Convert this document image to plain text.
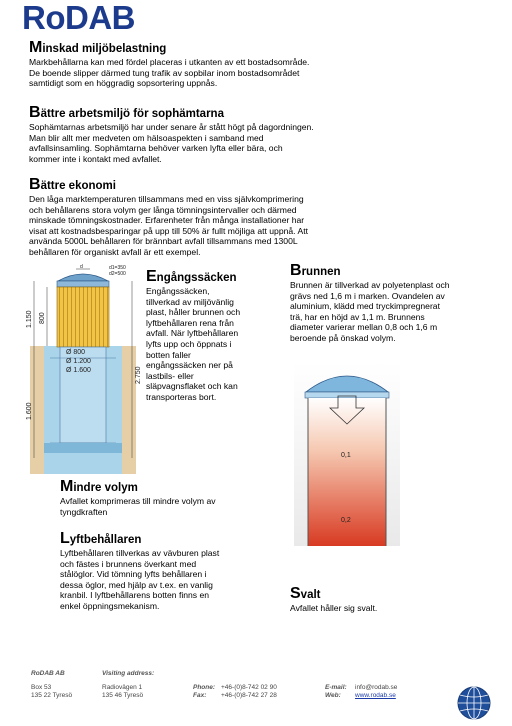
RoDAB
Minskad miljöbelastning
Markbehållarna kan med fördel placeras i utkanten av ett bostadsområde.
De boende slipper därmed tung trafik av sopbilar inom bostadsområdet
samtidigt som en höggradig sopsortering uppnås.
Bättre arbetsmiljö för sophämtarna
Sophämtarnas arbetsmiljö har under senare år stått högt på dagordningen.
Man blir allt mer medveten om hälsoaspekten i samband med
avfallsinsamling. Sophämtarna behöver varken lyfta eller bära, och
kommer inte i kontakt med avfallet.
Bättre ekonomi
Den låga marktemperaturen tillsammans med en viss självkomprimering
och behållarens stora volym ger långa tömningsintervaller och därmed
minskade tömningskostnader. Erfarenheter från många installationer har
visat att kostnadsbesparingar på upp till 50% är fullt möjliga att uppnå. Att
använda 5000L behållaren för brännbart avfall tillsammans med 1300L
behållaren för organiskt avfall är ett exempel.
d	d1=350
d2=500
1.150 800
1.600
2.750
Ø 800
Ø 1.200
Ø 1.600
Engångssäcken
Engångssäcken,
tillverkad av miljövänlig
plast, håller brunnen och
lyftbehållaren rena från
avfall. När lyftbehållaren
lyfts upp och öppnats i
botten faller
engångssäcken ner på
lastbils- eller
släpvagnsflaket och kan
transporteras bort.
Brunnen
Brunnen är tillverkad av polyetenplast och
grävs ned 1,6 m i marken. Ovandelen av
aluminium, klädd med tryckimpregnerat
trä, har en höjd av 1,1 m. Brunnens
diameter varierar mellan 0,8 och 1,6 m
beroende på önskad volym.
0,1
0,2
Mindre volym
Avfallet komprimeras till mindre volym av
tyngdkraften
Lyftbehållaren
Lyftbehållaren tillverkas av vävburen plast
och fästes i brunnens överkant med
stålöglor. Vid tömning lyfts behållaren i
dessa öglor, med hjälp av t.ex. en vanlig
kranbil. I lyftbehållarens botten finns en
enkel öppningsmekanism.
Svalt
Avfallet håller sig svalt.
RoDAB AB
Box 53
135 22 Tyresö
Visiting address:
Radiovägen 1
135 46 Tyresö
Phone: +46-(0)8-742 02 90
Fax: +46-(0)8-742 27 28
E-mail: info@rodab.se
Web: www.rodab.se
